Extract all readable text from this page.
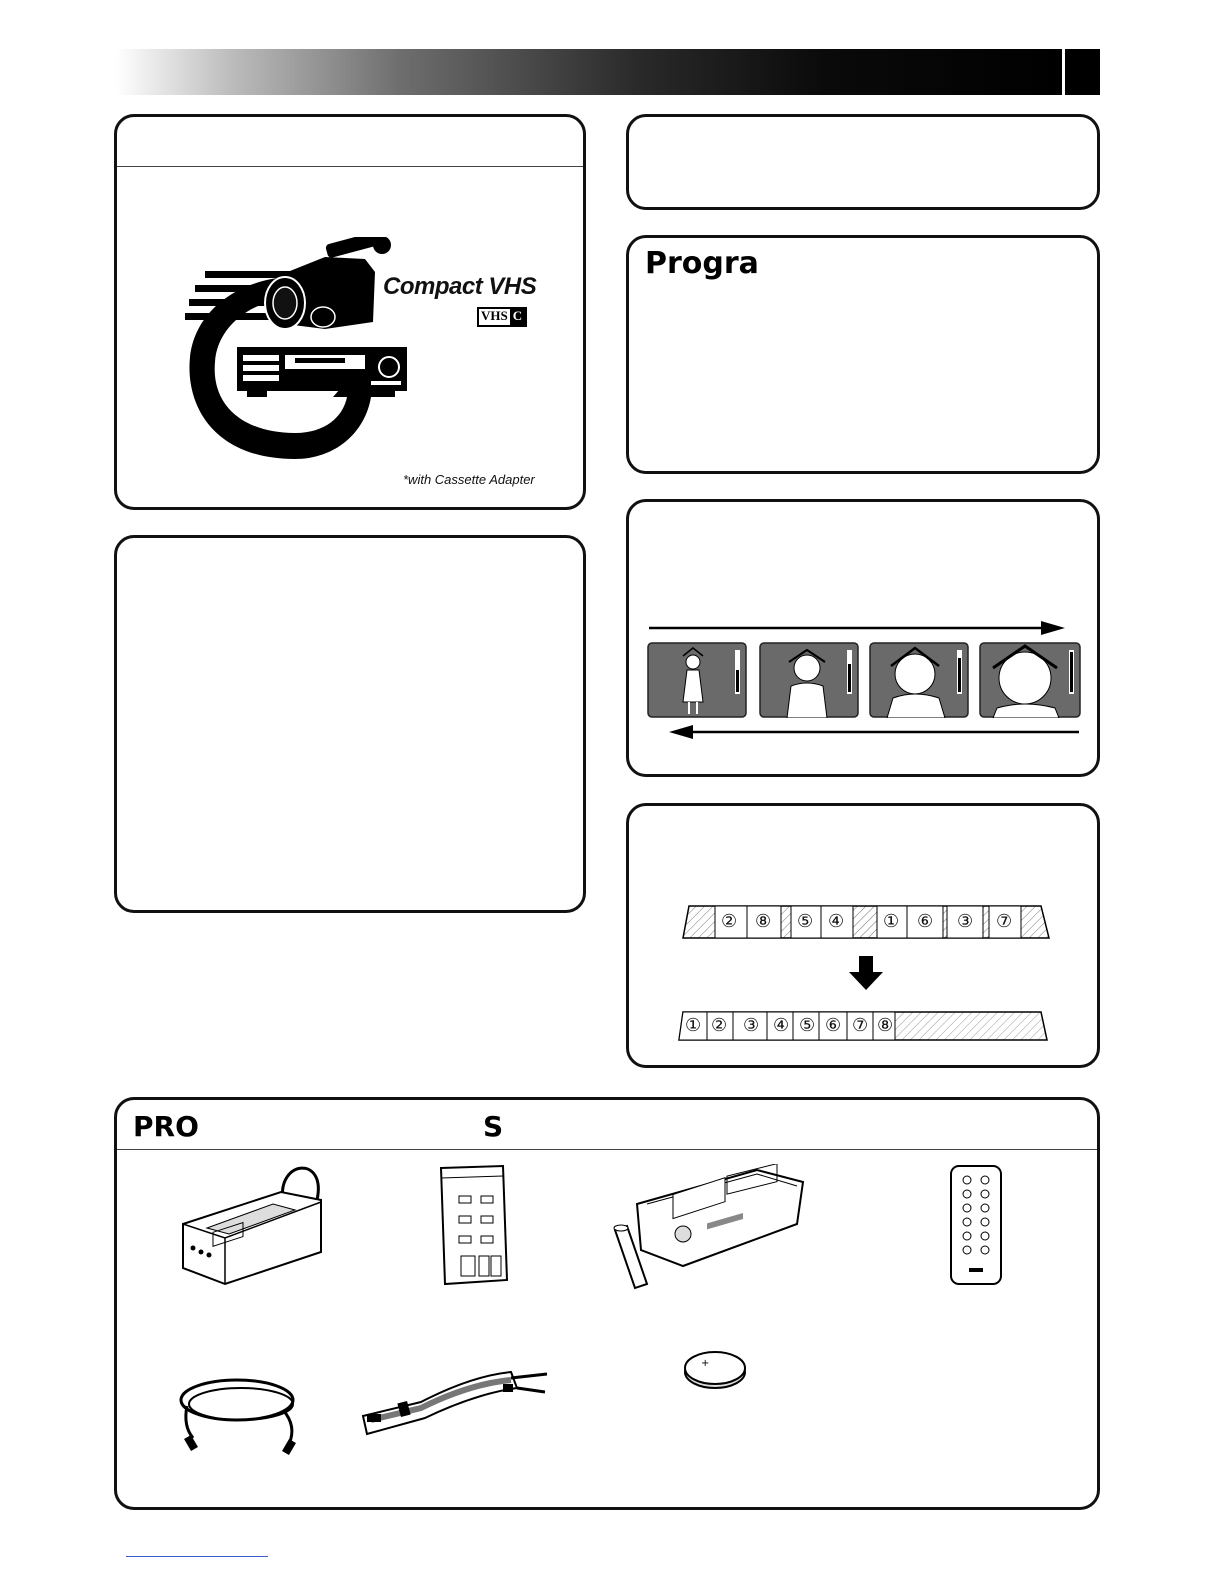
Compact VHS
VHS C
*with Cassette Adapter
Progra
② ⑧ ⑤ ④ ① ⑥ ③ ⑦
① ② ③ ④ ⑤ ⑥ ⑦ ⑧
PRO	S
+
